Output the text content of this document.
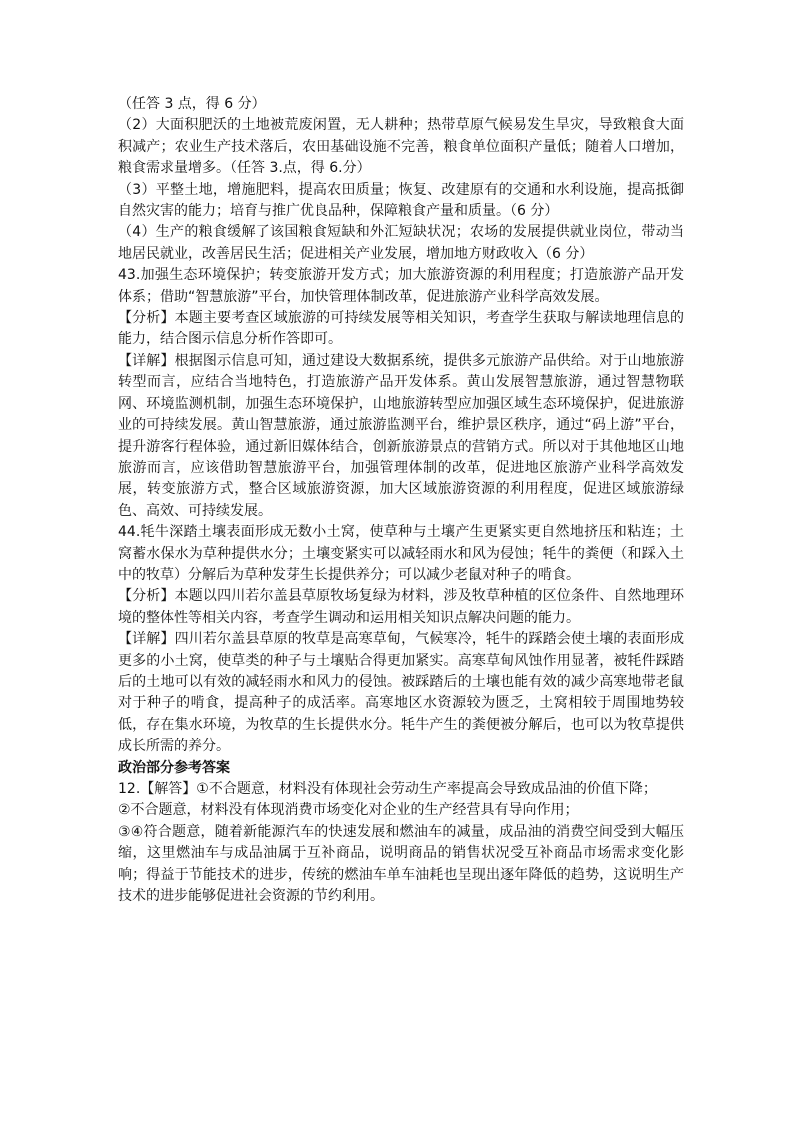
（任答 3 点，得 6 分）

（2）大面积肥沃的土地被荒废闲置，无人耕种；热带草原气候易发生旱灾，导致粮食大面积减产；农业生产技术落后，农田基础设施不完善，粮食单位面积产量低；随着人口增加，粮食需求量增多。（任答 3.点，得 6.分）

（3）平整土地，增施肥料，提高农田质量；恢复、改建原有的交通和水利设施，提高抵御自然灾害的能力；培育与推广优良品种，保障粮食产量和质量。（6 分）

（4）生产的粮食缓解了该国粮食短缺和外汇短缺状况；农场的发展提供就业岗位，带动当地居民就业，改善居民生活；促进相关产业发展，增加地方财政收入（6 分）

43.加强生态环境保护；转变旅游开发方式；加大旅游资源的利用程度；打造旅游产品开发体系；借助“智慧旅游”平台，加快管理体制改革，促进旅游产业科学高效发展。

【分析】本题主要考查区域旅游的可持续发展等相关知识，考查学生获取与解读地理信息的能力，结合图示信息分析作答即可。

【详解】根据图示信息可知，通过建设大数据系统，提供多元旅游产品供给。对于山地旅游转型而言，应结合当地特色，打造旅游产品开发体系。黄山发展智慧旅游，通过智慧物联网、环境监测机制，加强生态环境保护，山地旅游转型应加强区域生态环境保护，促进旅游业的可持续发展。黄山智慧旅游，通过旅游监测平台，维护景区秩序，通过“码上游”平台，提升游客行程体验，通过新旧媒体结合，创新旅游景点的营销方式。所以对于其他地区山地旅游而言，应该借助智慧旅游平台，加强管理体制的改革，促进地区旅游产业科学高效发展，转变旅游方式，整合区域旅游资源，加大区域旅游资源的利用程度，促进区域旅游绿色、高效、可持续发展。

44.牦牛深踏土壤表面形成无数小土窝，使草种与土壤产生更紧实更自然地挤压和粘连；土窝蓄水保水为草种提供水分；土壤变紧实可以减轻雨水和风为侵蚀；牦牛的粪便（和踩入土中的牧草）分解后为草种发芽生长提供养分；可以减少老鼠对种子的啃食。

【分析】本题以四川若尔盖县草原牧场复绿为材料，涉及牧草种植的区位条件、自然地理环境的整体性等相关内容，考查学生调动和运用相关知识点解决问题的能力。

【详解】四川若尔盖县草原的牧草是高寒草甸，气候寒冷，牦牛的踩踏会使土壤的表面形成更多的小土窝，使草类的种子与土壤贴合得更加紧实。高寒草甸风蚀作用显著，被牦件踩踏后的土地可以有效的减轻雨水和风力的侵蚀。被踩踏后的土壤也能有效的减少高寒地带老鼠对于种子的啃食，提高种子的成活率。高寒地区水资源较为匮乏，土窝相较于周围地势较低，存在集水环境，为牧草的生长提供水分。牦牛产生的粪便被分解后，也可以为牧草提供成长所需的养分。

政治部分参考答案

12.【解答】①不合题意，材料没有体现社会劳动生产率提高会导致成品油的价值下降；

②不合题意，材料没有体现消费市场变化对企业的生产经营具有导向作用；

③④符合题意，随着新能源汽车的快速发展和燃油车的减量，成品油的消费空间受到大幅压缩，这里燃油车与成品油属于互补商品，说明商品的销售状况受互补商品市场需求变化影响；得益于节能技术的进步，传统的燃油车单车油耗也呈现出逐年降低的趋势，这说明生产技术的进步能够促进社会资源的节约利用。
